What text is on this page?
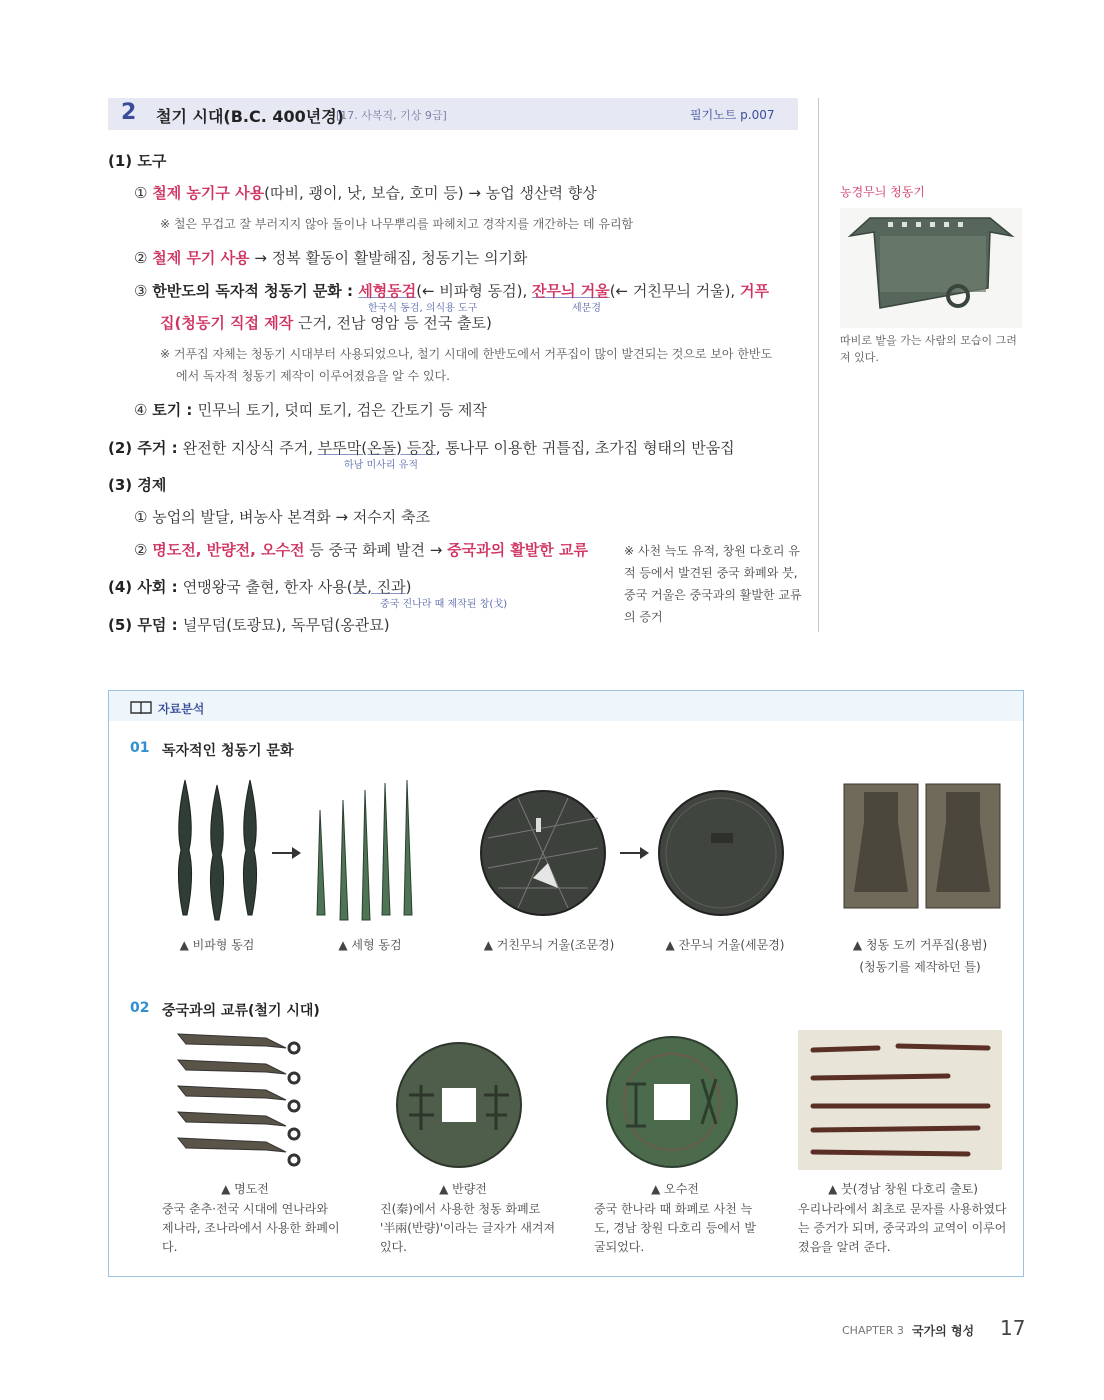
2 철기 시대(B.C. 400년경)
[17. 사복직, 기상 9급]	필기노트 p.007
(1) 도구
① 철제 농기구 사용(따비, 괭이, 낫, 보습, 호미 등) → 농업 생산력 향상
※ 철은 무겁고 잘 부러지지 않아 돌이나 나무뿌리를 파헤치고 경작지를 개간하는 데 유리함
② 철제 무기 사용 → 정복 활동이 활발해짐, 청동기는 의기화
③ 한반도의 독자적 청동기 문화 : 세형동검(← 비파형 동검), 잔무늬 거울(← 거친무늬 거울), 거푸
한국식 동검, 의식용 도구	세문경
집(청동기 직접 제작 근거, 전남 영암 등 전국 출토)
※ 거푸집 자체는 청동기 시대부터 사용되었으나, 철기 시대에 한반도에서 거푸집이 많이 발견되는 것으로 보아 한반도
에서 독자적 청동기 제작이 이루어졌음을 알 수 있다.
④ 토기 : 민무늬 토기, 덧띠 토기, 검은 간토기 등 제작
(2) 주거 : 완전한 지상식 주거, 부뚜막(온돌) 등장, 통나무 이용한 귀틀집, 초가집 형태의 반움집
하남 미사리 유적
(3) 경제
① 농업의 발달, 벼농사 본격화 → 저수지 축조
② 명도전, 반량전, 오수전 등 중국 화폐 발견 → 중국과의 활발한 교류
(4) 사회 : 연맹왕국 출현, 한자 사용(붓, 진과)
중국 진나라 때 제작된 창(戈)
(5) 무덤 : 널무덤(토광묘), 독무덤(옹관묘)
※ 사천 늑도 유적, 창원 다호리 유적 등에서 발견된 중국 화폐와 붓, 중국 거울은 중국과의 활발한 교류의 증거
농경무늬 청동기
따비로 밭을 가는 사람의 모습이 그려져 있다.
자료분석
01 독자적인 청동기 문화
▲ 비파형 동검	▲ 세형 동검	▲ 거친무늬 거울(조문경)	▲ 잔무늬 거울(세문경)	▲ 청동 도끼 거푸집(용범)
(청동기를 제작하던 틀)
02 중국과의 교류(철기 시대)
▲ 명도전	▲ 반량전	▲ 오수전	▲ 붓(경남 창원 다호리 출토)
중국 춘추·전국 시대에 연나라와 제나라, 조나라에서 사용한 화폐이다.
진(秦)에서 사용한 청동 화폐로 '半兩(반량)'이라는 글자가 새겨져 있다.
중국 한나라 때 화폐로 사천 늑도, 경남 창원 다호리 등에서 발굴되었다.
우리나라에서 최초로 문자를 사용하였다는 증거가 되며, 중국과의 교역이 이루어졌음을 알려 준다.
CHAPTER 3 국가의 형성 17
